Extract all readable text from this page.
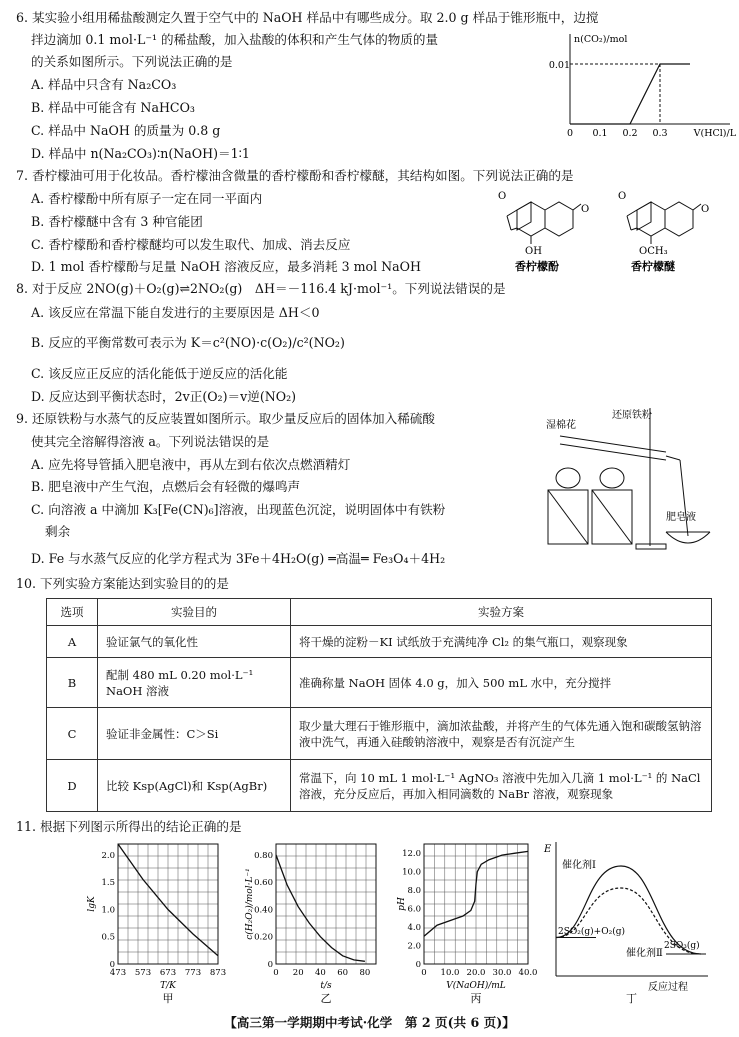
6. 某实验小组用稀盐酸测定久置于空气中的 NaOH 样品中有哪些成分。取 2.0 g 样品于锥形瓶中，边搅
拌边滴加 0.1 mol·L⁻¹ 的稀盐酸，加入盐酸的体积和产生气体的物质的量
的关系如图所示。下列说法正确的是
A. 样品中只含有 Na₂CO₃
B. 样品中可能含有 NaHCO₃
C. 样品中 NaOH 的质量为 0.8 g
D. 样品中 n(Na₂CO₃)∶n(NaOH)＝1∶1
n(CO₂)/mol
0.01
0 0.1 0.2 0.3	V(HCl)/L
7. 香柠檬油可用于化妆品。香柠檬油含微量的香柠檬酚和香柠檬醚，其结构如图。下列说法正确的是
A. 香柠檬酚中所有原子一定在同一平面内
B. 香柠檬醚中含有 3 种官能团
C. 香柠檬酚和香柠檬醚均可以发生取代、加成、消去反应
D. 1 mol 香柠檬酚与足量 NaOH 溶液反应，最多消耗 3 mol NaOH
O
O
OH
香柠檬酚
O
O
OCH₃
香柠檬醚
8. 对于反应 2NO(g)＋O₂(g)⇌2NO₂(g)　ΔH＝－116.4 kJ·mol⁻¹。下列说法错误的是
A. 该反应在常温下能自发进行的主要原因是 ΔH＜0
B. 反应的平衡常数可表示为 K＝c²(NO)·c(O₂)/c²(NO₂)
C. 该反应正反应的活化能低于逆反应的活化能
D. 反应达到平衡状态时，2v正(O₂)＝v逆(NO₂)
9. 还原铁粉与水蒸气的反应装置如图所示。取少量反应后的固体加入稀硫酸
使其完全溶解得溶液 a。下列说法错误的是
A. 应先将导管插入肥皂液中，再从左到右依次点燃酒精灯
B. 肥皂液中产生气泡，点燃后会有轻微的爆鸣声
C. 向溶液 a 中滴加 K₃[Fe(CN)₆]溶液，出现蓝色沉淀，说明固体中有铁粉
剩余
D. Fe 与水蒸气反应的化学方程式为 3Fe＋4H₂O(g) ═高温═ Fe₃O₄＋4H₂
湿棉花
还原铁粉
肥皂液
10. 下列实验方案能达到实验目的的是
选项	实验目的	实验方案
A	验证氯气的氧化性	将干燥的淀粉－KI 试纸放于充满纯净 Cl₂ 的集气瓶口，观察现象
B	配制 480 mL 0.20 mol·L⁻¹ NaOH 溶液	准确称量 NaOH 固体 4.0 g，加入 500 mL 水中，充分搅拌
C	验证非金属性：C＞Si	取少量大理石于锥形瓶中，滴加浓盐酸，并将产生的气体先通入饱和碳酸氢钠溶液中洗气，再通入硅酸钠溶液中，观察是否有沉淀产生
D	比较 Ksp(AgCl)和 Ksp(AgBr)	常温下，向 10 mL 1 mol·L⁻¹ AgNO₃ 溶液中先加入几滴 1 mol·L⁻¹ 的 NaCl 溶液，充分反应后，再加入相同滴数的 NaBr 溶液，观察现象
11. 根据下列图示所得出的结论正确的是
473 573 673 773 873
0
0.5
1.0
1.5
2.0
T/K
lgK
甲
0 20 40 60 80
0
0.20
0.40
0.60
0.80
t/s
c(H₂O₂)/mol·L⁻¹
乙
0 10.0 20.0 30.0 40.0
0
2.0
4.0
6.0
8.0
10.0
12.0
V(NaOH)/mL
pH
丙
E
反应过程
催化剂Ⅰ
催化剂Ⅱ
2SO₂(g)+O₂(g)
2SO₃(g)
丁
【高三第一学期期中考试·化学　第 2 页(共 6 页)】
